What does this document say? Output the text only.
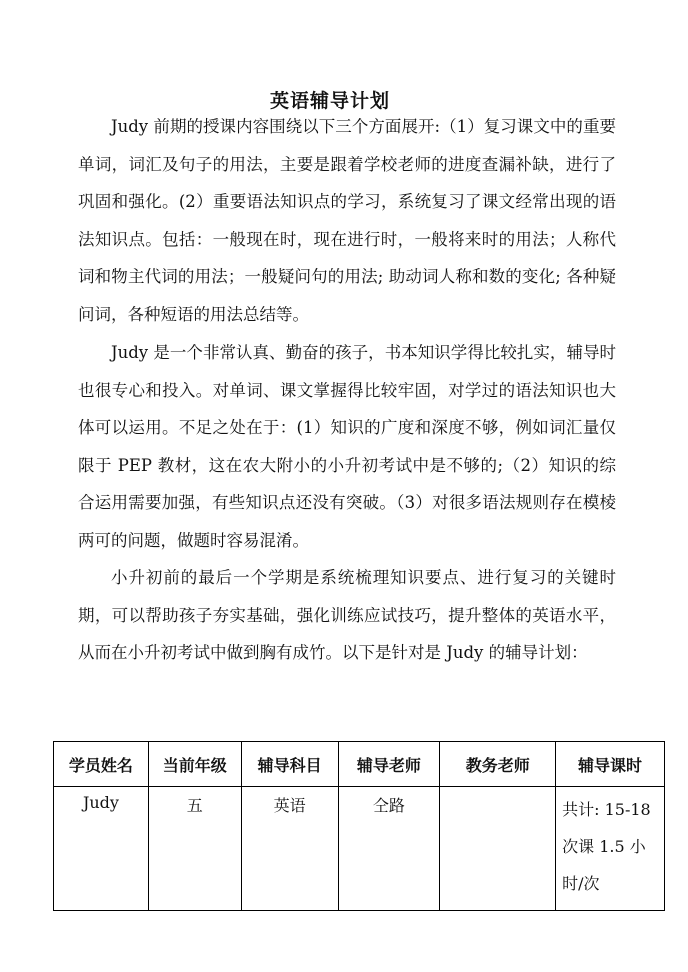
英语辅导计划

Judy 前期的授课内容围绕以下三个方面展开:（1）复习课文中的重要单词，词汇及句子的用法，主要是跟着学校老师的进度查漏补缺，进行了巩固和强化。(2）重要语法知识点的学习，系统复习了课文经常出现的语法知识点。包括：一般现在时，现在进行时，一般将来时的用法；人称代词和物主代词的用法；一般疑问句的用法; 助动词人称和数的变化; 各种疑问词，各种短语的用法总结等。

Judy 是一个非常认真、勤奋的孩子，书本知识学得比较扎实，辅导时也很专心和投入。对单词、课文掌握得比较牢固，对学过的语法知识也大体可以运用。不足之处在于：(1）知识的广度和深度不够，例如词汇量仅限于 PEP 教材，这在农大附小的小升初考试中是不够的;（2）知识的综合运用需要加强，有些知识点还没有突破。（3）对很多语法规则存在模棱两可的问题，做题时容易混淆。

小升初前的最后一个学期是系统梳理知识要点、进行复习的关键时期，可以帮助孩子夯实基础，强化训练应试技巧，提升整体的英语水平，从而在小升初考试中做到胸有成竹。以下是针对是 Judy 的辅导计划：

学员姓名	当前年级	辅导科目	辅导老师	教务老师	辅导课时
Judy	五	英语	仝路		共计: 15-18 次课 1.5 小时/次
